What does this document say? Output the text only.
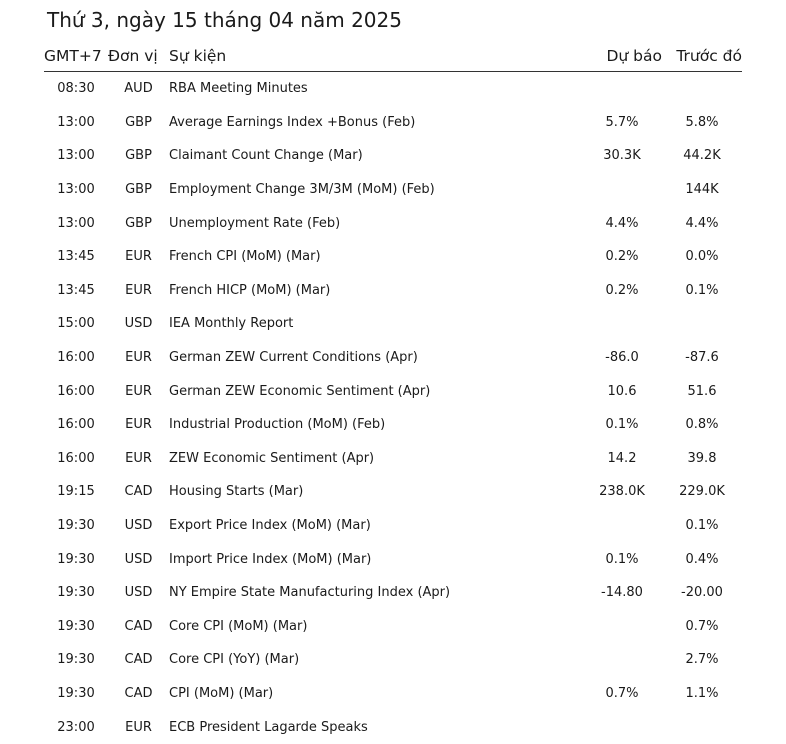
Thứ 3, ngày 15 tháng 04 năm 2025
GMT+7	Đơn vị	Sự kiện	Dự báo	Trước đó
08:30	AUD	RBA Meeting Minutes		
13:00	GBP	Average Earnings Index +Bonus (Feb)	5.7%	5.8%
13:00	GBP	Claimant Count Change (Mar)	30.3K	44.2K
13:00	GBP	Employment Change 3M/3M (MoM) (Feb)		144K
13:00	GBP	Unemployment Rate (Feb)	4.4%	4.4%
13:45	EUR	French CPI (MoM) (Mar)	0.2%	0.0%
13:45	EUR	French HICP (MoM) (Mar)	0.2%	0.1%
15:00	USD	IEA Monthly Report		
16:00	EUR	German ZEW Current Conditions (Apr)	-86.0	-87.6
16:00	EUR	German ZEW Economic Sentiment (Apr)	10.6	51.6
16:00	EUR	Industrial Production (MoM) (Feb)	0.1%	0.8%
16:00	EUR	ZEW Economic Sentiment (Apr)	14.2	39.8
19:15	CAD	Housing Starts (Mar)	238.0K	229.0K
19:30	USD	Export Price Index (MoM) (Mar)		0.1%
19:30	USD	Import Price Index (MoM) (Mar)	0.1%	0.4%
19:30	USD	NY Empire State Manufacturing Index (Apr)	-14.80	-20.00
19:30	CAD	Core CPI (MoM) (Mar)		0.7%
19:30	CAD	Core CPI (YoY) (Mar)		2.7%
19:30	CAD	CPI (MoM) (Mar)	0.7%	1.1%
23:00	EUR	ECB President Lagarde Speaks		
